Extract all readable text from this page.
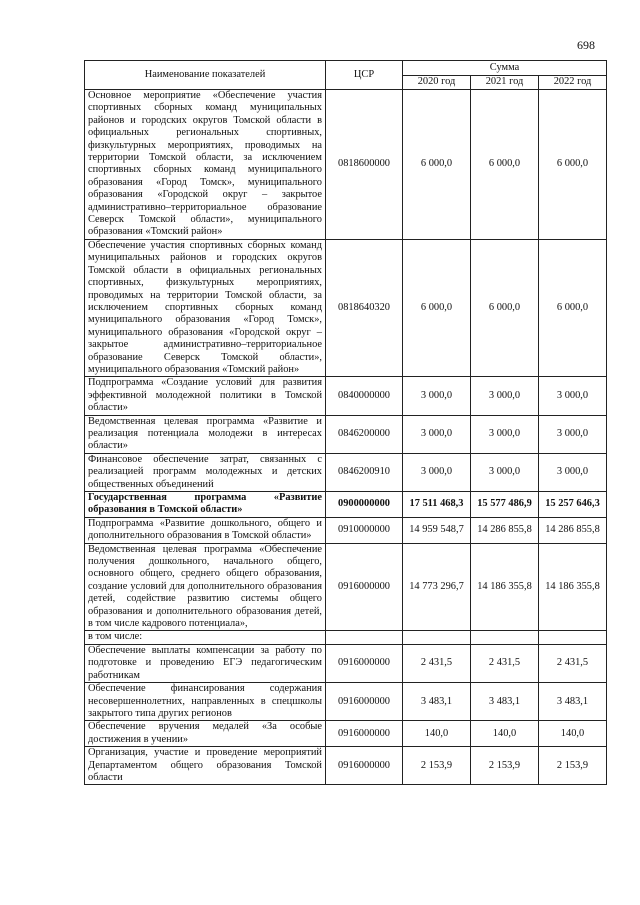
698
Наименование показателей	ЦСР	Сумма		
		2020 год	2021 год	2022 год
Основное мероприятие «Обеспечение участия спортивных сборных команд муниципальных районов и городских округов Томской области в официальных региональных спортивных, физкультурных мероприятиях, проводимых на территории Томской области, за исключением спортивных сборных команд муниципального образования «Город Томск», муниципального образования «Городской округ – закрытое административно–территориальное образование Северск Томской области», муниципального образования «Томский район»	0818600000	6 000,0	6 000,0	6 000,0
Обеспечение участия спортивных сборных команд муниципальных районов и городских округов Томской области в официальных региональных спортивных, физкультурных мероприятиях, проводимых на территории Томской области, за исключением спортивных сборных команд муниципального образования «Город Томск», муниципального образования «Городской округ – закрытое административно–территориальное образование Северск Томской области», муниципального образования «Томский район»	0818640320	6 000,0	6 000,0	6 000,0
Подпрограмма «Создание условий для развития эффективной молодежной политики в Томской области»	0840000000	3 000,0	3 000,0	3 000,0
Ведомственная целевая программа «Развитие и реализация потенциала молодежи в интересах области»	0846200000	3 000,0	3 000,0	3 000,0
Финансовое обеспечение затрат, связанных с реализацией программ молодежных и детских общественных объединений	0846200910	3 000,0	3 000,0	3 000,0
Государственная программа «Развитие образования в Томской области»	0900000000	17 511 468,3	15 577 486,9	15 257 646,3
Подпрограмма «Развитие дошкольного, общего и дополнительного образования в Томской области»	0910000000	14 959 548,7	14 286 855,8	14 286 855,8
Ведомственная целевая программа «Обеспечение получения дошкольного, начального общего, основного общего, среднего общего образования, создание условий для дополнительного образования детей, содействие развитию системы общего образования и дополнительного образования детей, в том числе кадрового потенциала»,	0916000000	14 773 296,7	14 186 355,8	14 186 355,8
в том числе:				
Обеспечение выплаты компенсации за работу по подготовке и проведению ЕГЭ педагогическим работникам	0916000000	2 431,5	2 431,5	2 431,5
Обеспечение финансирования содержания несовершеннолетних, направленных в спецшколы закрытого типа других регионов	0916000000	3 483,1	3 483,1	3 483,1
Обеспечение вручения медалей «За особые достижения в учении»	0916000000	140,0	140,0	140,0
Организация, участие и проведение мероприятий Департаментом общего образования Томской области	0916000000	2 153,9	2 153,9	2 153,9
